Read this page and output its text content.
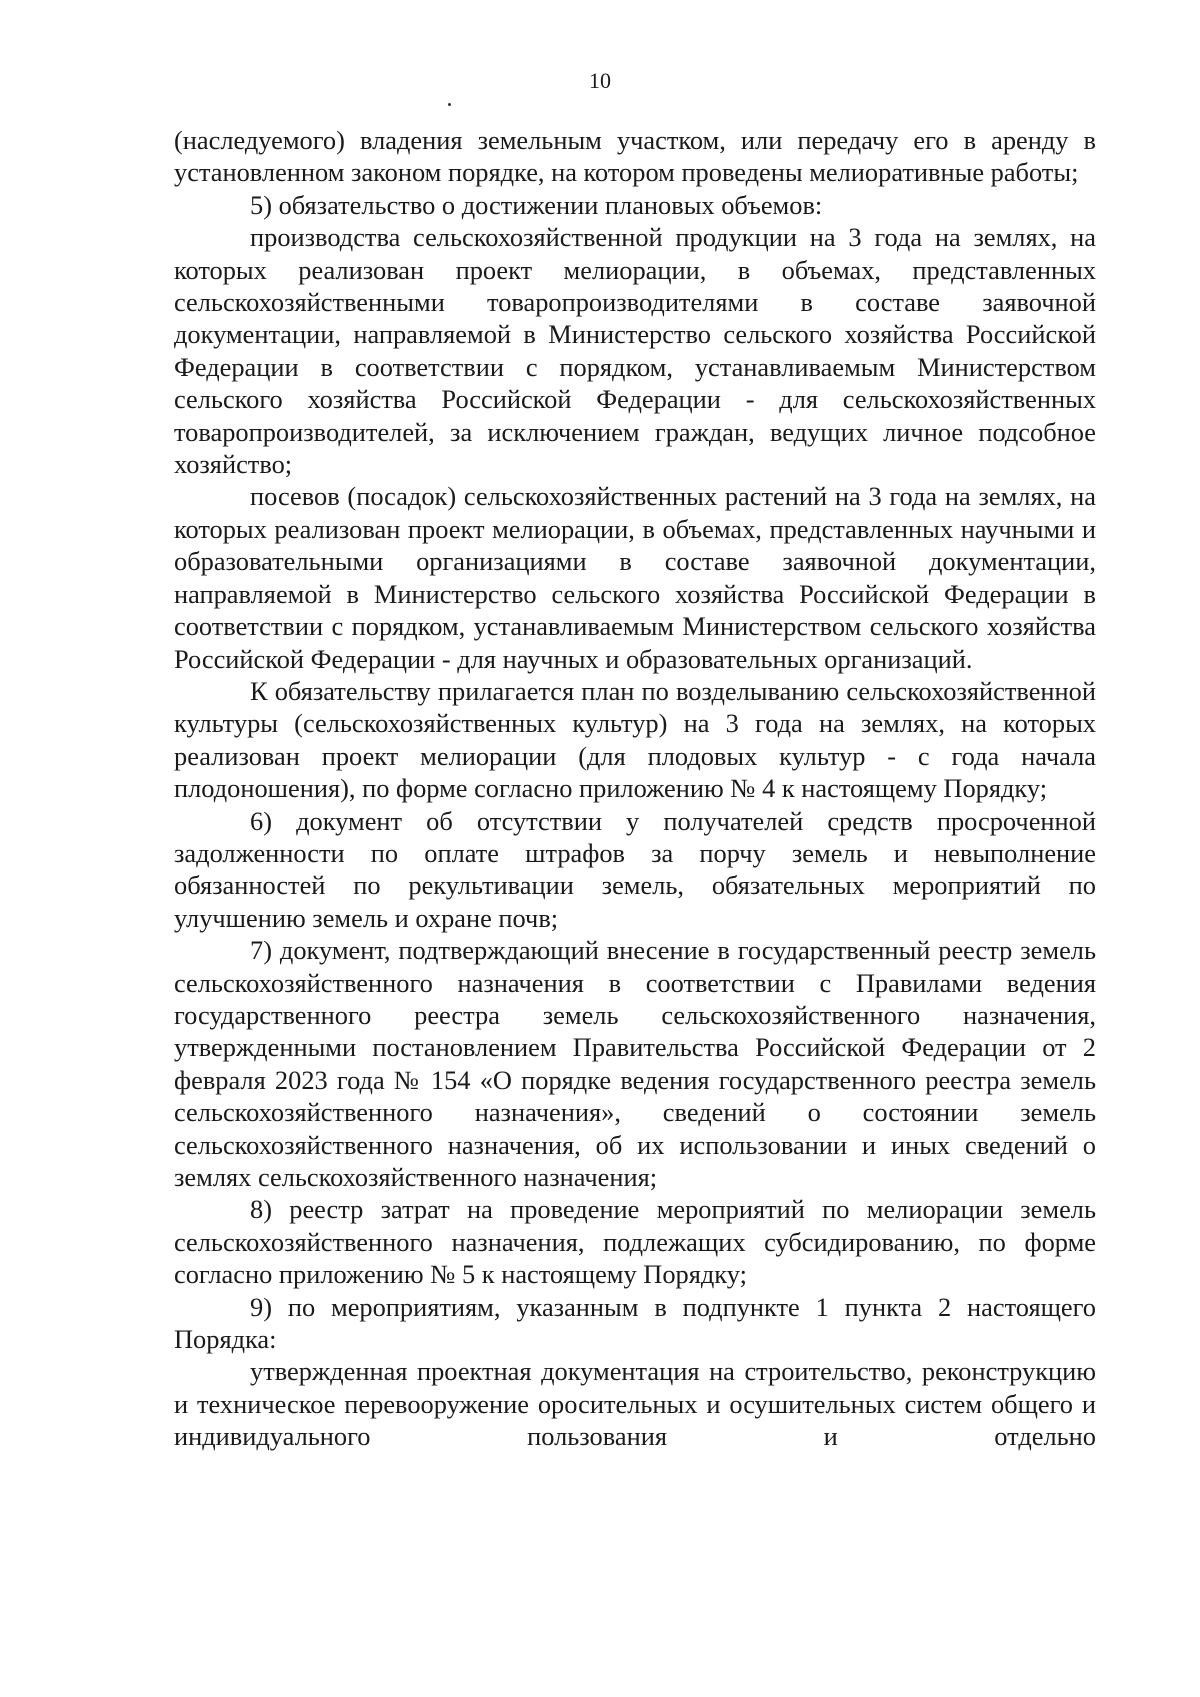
10

(наследуемого) владения земельным участком, или передачу его в аренду в установленном законом порядке, на котором проведены мелиоративные работы;

5) обязательство о достижении плановых объемов:

производства сельскохозяйственной продукции на 3 года на землях, на которых реализован проект мелиорации, в объемах, представленных сельскохозяйственными товаропроизводителями в составе заявочной документации, направляемой в Министерство сельского хозяйства Российской Федерации в соответствии с порядком, устанавливаемым Министерством сельского хозяйства Российской Федерации - для сельскохозяйственных товаропроизводителей, за исключением граждан, ведущих личное подсобное хозяйство;

посевов (посадок) сельскохозяйственных растений на 3 года на землях, на которых реализован проект мелиорации, в объемах, представленных научными и образовательными организациями в составе заявочной документации, направляемой в Министерство сельского хозяйства Российской Федерации в соответствии с порядком, устанавливаемым Министерством сельского хозяйства Российской Федерации - для научных и образовательных организаций.

К обязательству прилагается план по возделыванию сельскохозяйственной культуры (сельскохозяйственных культур) на 3 года на землях, на которых реализован проект мелиорации (для плодовых культур - с года начала плодоношения), по форме согласно приложению № 4 к настоящему Порядку;

6) документ об отсутствии у получателей средств просроченной задолженности по оплате штрафов за порчу земель и невыполнение обязанностей по рекультивации земель, обязательных мероприятий по улучшению земель и охране почв;

7) документ, подтверждающий внесение в государственный реестр земель сельскохозяйственного назначения в соответствии с Правилами ведения государственного реестра земель сельскохозяйственного назначения, утвержденными постановлением Правительства Российской Федерации от 2 февраля 2023 года № 154 «О порядке ведения государственного реестра земель сельскохозяйственного назначения», сведений о состоянии земель сельскохозяйственного назначения, об их использовании и иных сведений о землях сельскохозяйственного назначения;

8) реестр затрат на проведение мероприятий по мелиорации земель сельскохозяйственного назначения, подлежащих субсидированию, по форме согласно приложению № 5 к настоящему Порядку;

9) по мероприятиям, указанным в подпункте 1 пункта 2 настоящего Порядка:

утвержденная проектная документация на строительство, реконструкцию и техническое перевооружение оросительных и осушительных систем общего и индивидуального пользования и отдельно
